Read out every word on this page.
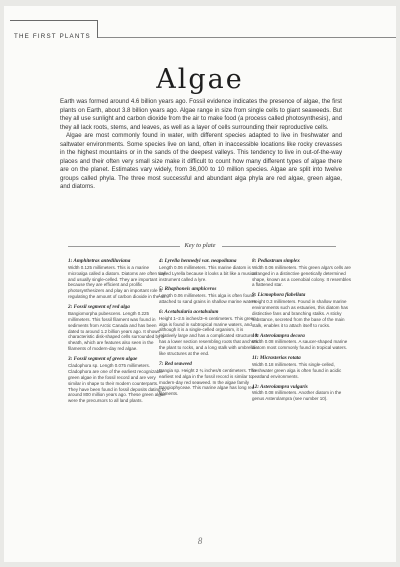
THE FIRST PLANTS
Algae

Earth was formed around 4.6 billion years ago. Fossil evidence indicates the presence of algae, the first plants on Earth, about 3.8 billion years ago. Algae range in size from single cells to giant seaweeds. But they all use sunlight and carbon dioxide from the air to make food (a process called photosynthesis), and they all lack roots, stems, and leaves, as well as a layer of cells surrounding their reproductive cells.

Algae are most commonly found in water, with different species adapted to live in freshwater and saltwater environments. Some species live on land, often in inaccessible locations like rocky crevasses in the highest mountains or in the sands of the deepest valleys. This tendency to live in out-of-the-way places and their often very small size make it difficult to count how many different types of algae there are on the planet. Estimates vary widely, from 36,000 to 10 million species. Algae are split into twelve groups called phyla. The three most successful and abundant alga phyla are red algae, green algae, and diatoms.

Key to plate
1: Amphitetras antediluviana
Width 0.125 millimeters. This is a marine microalga called a diatom. Diatoms are often tiny and usually single-celled. They are important because they are efficient and prolific photosynthesizers and play an important role in regulating the amount of carbon dioxide in the air.
2: Fossil segment of red alga
Bangiomorpha pubescens. Length 0.225 millimeters. This fossil filament was found in sediments from Arctic Canada and has been dated to around 1.2 billion years ago. It shows characteristic disk-shaped cells surrounded by a sheath, which are features also seen in the filaments of modern-day red algae.
3: Fossil segment of green algae
Cladophora sp. Length 0.075 millimeters. Cladophora are one of the earliest recognizable green algae in the fossil record and are very similar in shape to their modern counterparts. They have been found in fossil deposits dating to around 800 million years ago. These green algae were the precursors to all land plants.
4: Lyrella hennedyi var. neapolitana
Length 0.06 millimeters. This marine diatom is called Lyrella because it looks a bit like a musical instrument called a lyre.
5: Rhaphoneis amphiceros
Length 0.06 millimeters. This alga is often found attached to sand grains in shallow marine waters.
6: Acetabularia acetabulum
Height 1–2.5 inches/3–6 centimeters. This green alga is found in subtropical marine waters, and although it is a single-celled organism, it is relatively large and has a complicated structure. It has a lower section resembling roots that anchors the plant to rocks, and a long stalk with umbrella-like structures at the end.
7: Red seaweed
Bangia sp. Height 2 ¾ inches/6 centimeters. The earliest red alga in the fossil record is similar to modern-day red seaweed. In the algae family Bangiophyceae. This marine algae has long red filaments.
8: Pediastrum simplex
Width 0.06 millimeters. This green alga’s cells are arranged in a distinctive genetically determined shape, known as a coenobial colony. It resembles a flattened star.
9: Licmophora flabellata
Height 0.3 millimeters. Found in shallow marine environments such as estuaries, this diatom has distinctive fans and branching stalks. A sticky substance, secreted from the base of the main stalk, enables it to attach itself to rocks.
10: Asterolampra decora
Width 0.08 millimeters. A saucer-shaped marine diatom most commonly found in tropical waters.
11: Micrasterias rotata
Width 0.18 millimeters. This single-celled, freshwater green alga is often found in acidic peatland environments.
12: Asterolampra vulgaris
Width 0.08 millimeters. Another diatom in the genus Asterolampra (see number 10).
8
